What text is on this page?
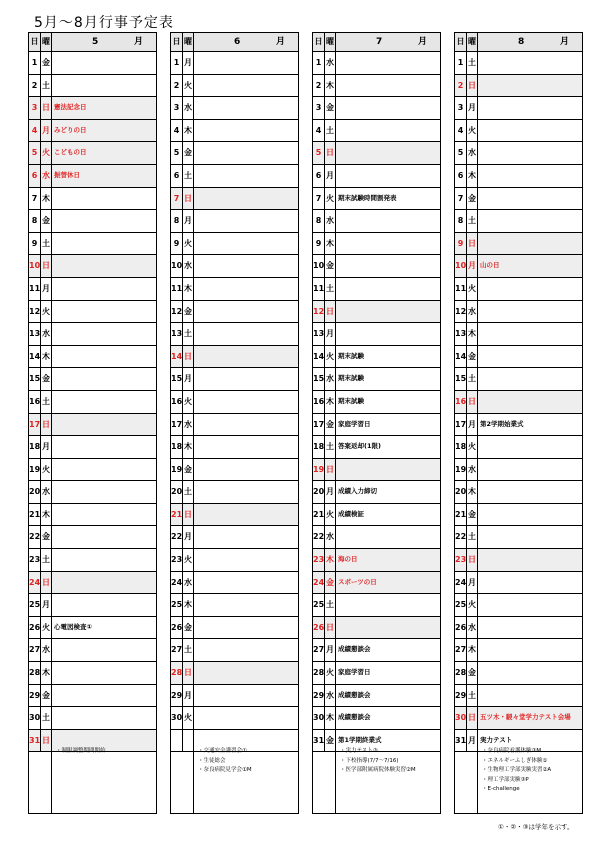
5月〜8月行事予定表
日 曜	5	月
1 金
2 土
3 日 憲法記念日
4 月 みどりの日
5 火 こどもの日
6 水 振替休日
7 木
8 金
9 土
10 日
11 月
12 火
13 水
14 木
15 金
16 土
17 日
18 月
19 火
20 水
21 木
22 金
23 土
24 日
25 月
26 火 心電図検査①
27 水
28 木
29 金
30 土
31 日
・制服調整期間開始
日 曜	6	月
1 月
2 火
3 水
4 木
5 金
6 土
7 日
8 月
9 火
10 水
11 木
12 金
13 土
14 日
15 月
16 火
17 水
18 木
19 金
20 土
21 日
22 月
23 火
24 水
25 木
26 金
27 土
28 日
29 月
30 火
・交通安全講習会①
・生徒総会
・奈良病院見学会①M
日 曜	7	月
1 水
2 木
3 金
4 土
5 日
6 月
7 火 期末試験時間割発表
8 水
9 木
10 金
11 土
12 日
13 月
14 火 期末試験
15 水 期末試験
16 木 期末試験
17 金 家庭学習日
18 土 答案返却(1限)
19 日
20 月 成績入力締切
21 火 成績検証
22 水
23 木 海の日
24 金 スポーツの日
25 土
26 日
27 月 成績懇談会
28 火 家庭学習日
29 水 成績懇談会
30 木 成績懇談会
31 金 第1学期終業式
・実力テスト③
・下校指導(7/7〜7/16)
・医学部附属病院体験実習②M
日 曜	8	月
1 土
2 日
3 月
4 火
5 水
6 木
7 金
8 土
9 日
10 月 山の日
11 火
12 水
13 木
14 金
15 土
16 日
17 月 第2学期始業式
18 火
19 水
20 木
21 金
22 土
23 日
24 月
25 火
26 水
27 木
28 金
29 土
30 日 五ツ木・駸々堂学力テスト会場
31 月 実力テスト
・奈良病院看護体験③M
・エネルギーふしぎ体験①
・生物理工学部実験実習②A
・理工学部実験③P
・E-challenge
①・②・③は学年を示す。
